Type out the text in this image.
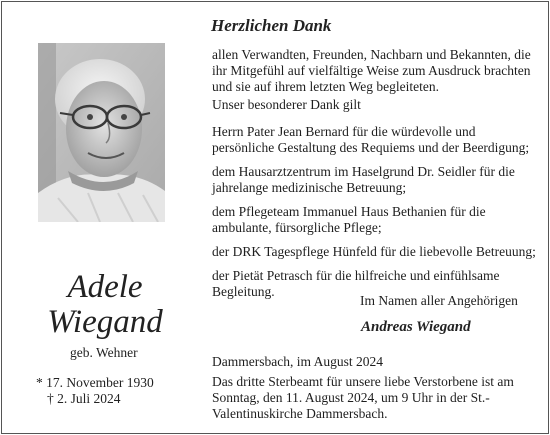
Adele
Wiegand
geb. Wehner
* 17. November 1930
† 2. Juli 2024
Herzlichen Dank
allen Verwandten, Freunden, Nachbarn und Bekannten, die ihr Mitgefühl auf vielfältige Weise zum Ausdruck brachten und sie auf ihrem letzten Weg begleiteten.
Unser besonderer Dank gilt
Herrn Pater Jean Bernard für die würdevolle und persönliche Gestaltung des Requiems und der Beerdigung;
dem Hausarztzentrum im Haselgrund Dr. Seidler für die jahrelange medizinische Betreuung;
dem Pflegeteam Immanuel Haus Bethanien für die ambulante, fürsorgliche Pflege;
der DRK Tagespflege Hünfeld für die liebevolle Betreuung;
der Pietät Petrasch für die hilfreiche und einfühlsame Begleitung.
Im Namen aller Angehörigen
Andreas Wiegand
Dammersbach, im August 2024
Das dritte Sterbeamt für unsere liebe Verstorbene ist am Sonntag, den 11. August 2024, um 9 Uhr in der St.-Valentinuskirche Dammersbach.
